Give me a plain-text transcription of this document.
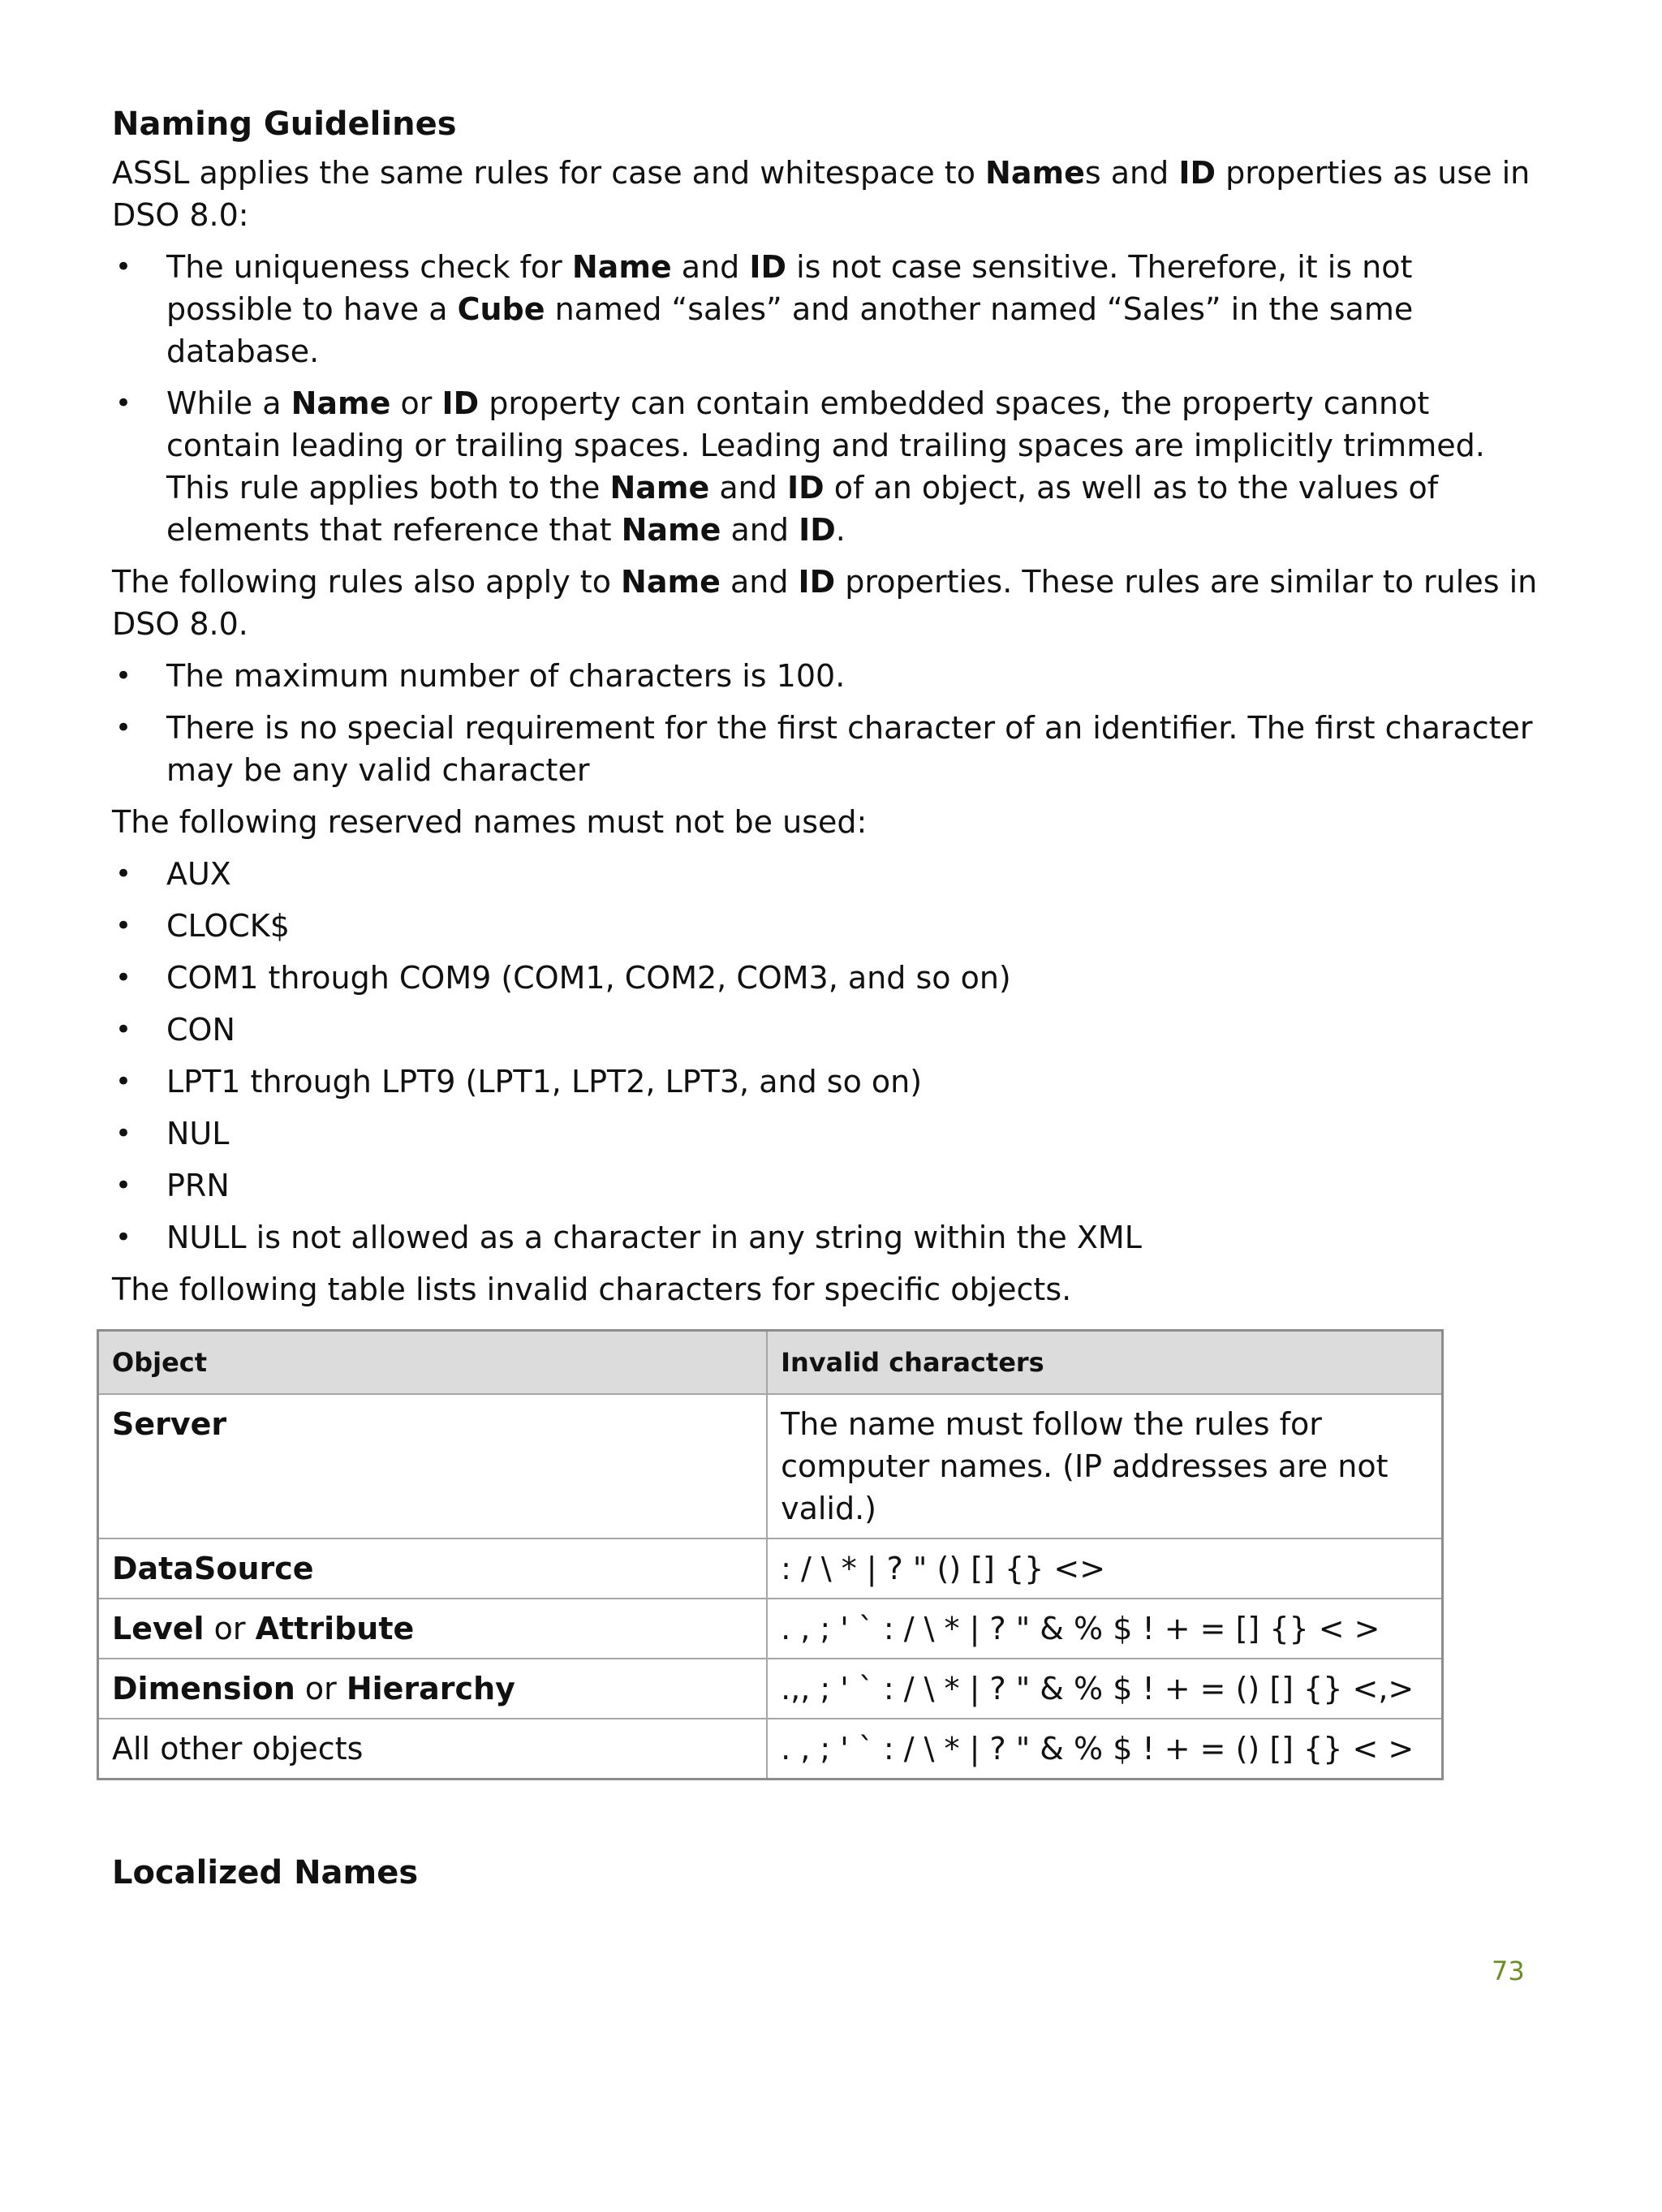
Naming Guidelines
ASSL applies the same rules for case and whitespace to Names and ID properties as use in DSO 8.0:
• The uniqueness check for Name and ID is not case sensitive. Therefore, it is not possible to have a Cube named “sales” and another named “Sales” in the same database.
• While a Name or ID property can contain embedded spaces, the property cannot contain leading or trailing spaces. Leading and trailing spaces are implicitly trimmed. This rule applies both to the Name and ID of an object, as well as to the values of elements that reference that Name and ID.
The following rules also apply to Name and ID properties. These rules are similar to rules in DSO 8.0.
• The maximum number of characters is 100.
• There is no special requirement for the first character of an identifier. The first character may be any valid character
The following reserved names must not be used:
• AUX
• CLOCK$
• COM1 through COM9 (COM1, COM2, COM3, and so on)
• CON
• LPT1 through LPT9 (LPT1, LPT2, LPT3, and so on)
• NUL
• PRN
• NULL is not allowed as a character in any string within the XML
The following table lists invalid characters for specific objects.
Object	Invalid characters
Server	The name must follow the rules for computer names. (IP addresses are not valid.)
DataSource	: / \ * | ? " () [] {} <>
Level or Attribute	. , ; ' ` : / \ * | ? " & % $ ! + = [] {} < >
Dimension or Hierarchy	.,, ; ' ` : / \ * | ? " & % $ ! + = () [] {} <,>
All other objects	. , ; ' ` : / \ * | ? " & % $ ! + = () [] {} < >
Localized Names
73
